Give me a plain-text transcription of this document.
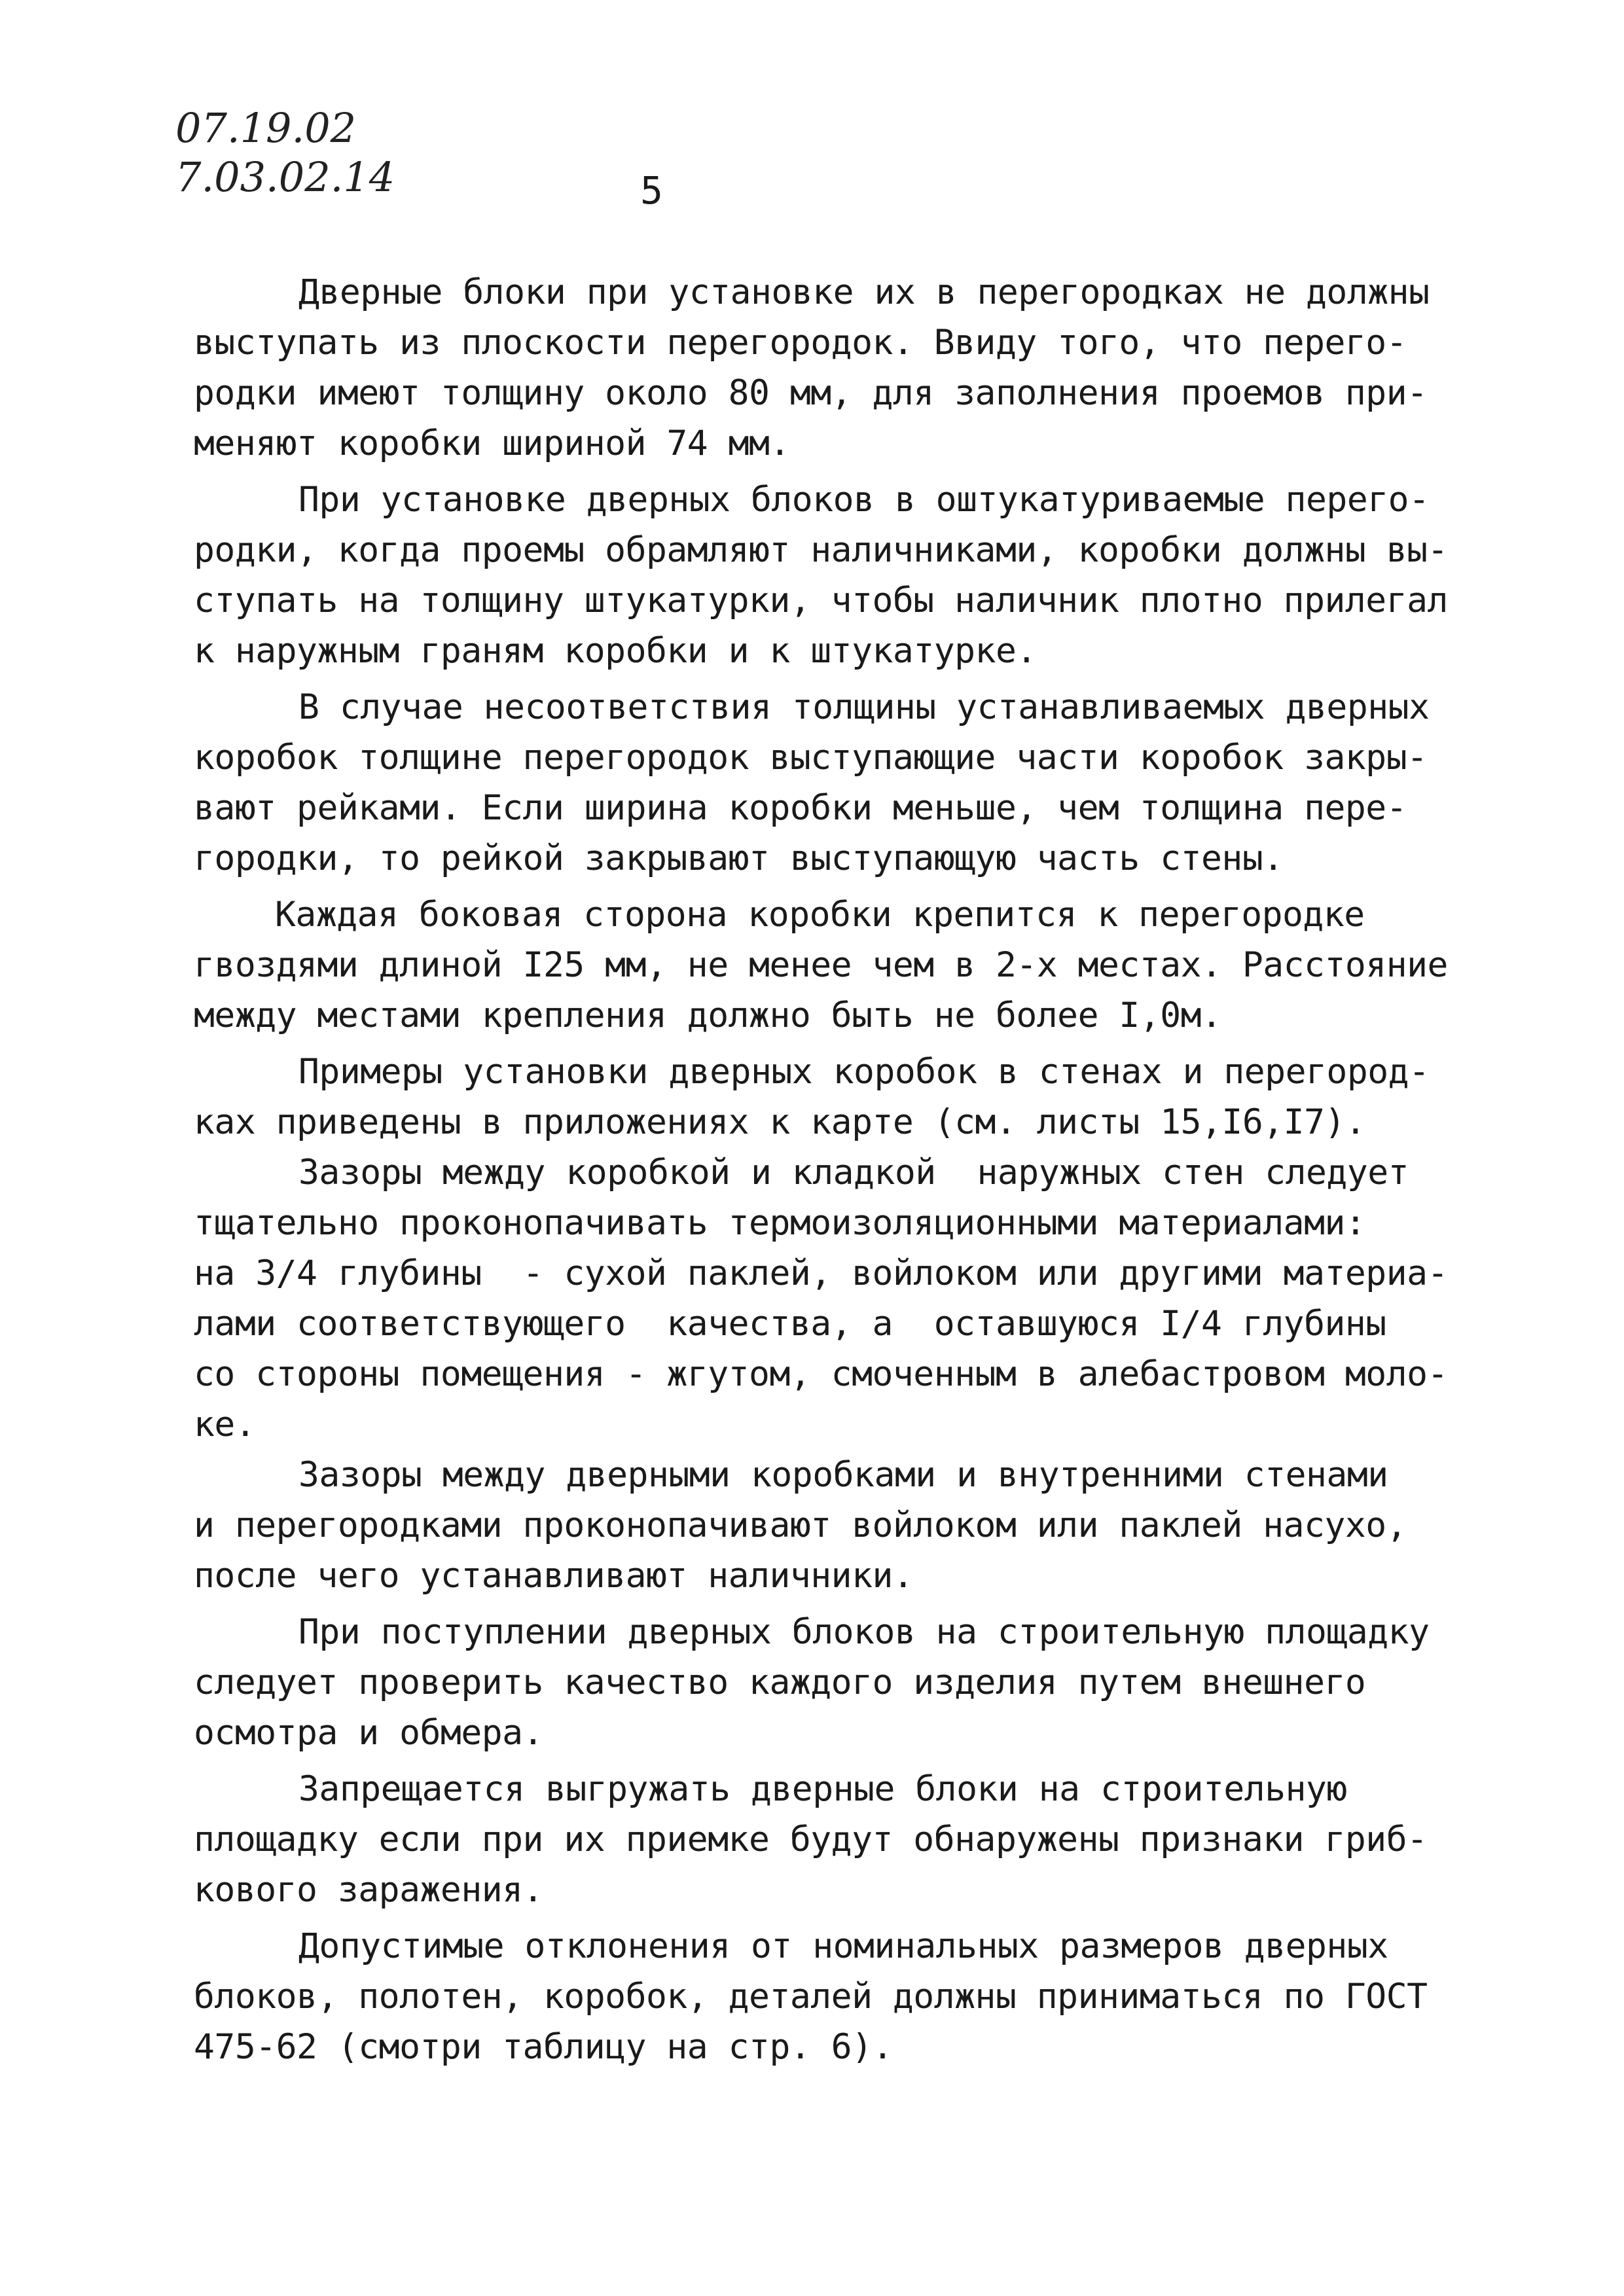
07.19.02
7.03.02.14	5
Дверные блоки при установке их в перегородках не должны
выступать из плоскости перегородок. Ввиду того, что перего-
родки имеют толщину около 80 мм, для заполнения проемов при-
меняют коробки шириной 74 мм.
При установке дверных блоков в оштукатуриваемые перего-
родки, когда проемы обрамляют наличниками, коробки должны вы-
ступать на толщину штукатурки, чтобы наличник плотно прилегал
к наружным граням коробки и к штукатурке.
В случае несоответствия толщины устанавливаемых дверных
коробок толщине перегородок выступающие части коробок закры-
вают рейками. Если ширина коробки меньше, чем толщина пере-
городки, то рейкой закрывают выступающую часть стены.
Каждая боковая сторона коробки крепится к перегородке
гвоздями длиной I25 мм, не менее чем в 2-х местах. Расстояние
между местами крепления должно быть не более I,0м.
Примеры установки дверных коробок в стенах и перегород-
ках приведены в приложениях к карте (см. листы 15,I6,I7).
Зазоры между коробкой и кладкой  наружных стен следует
тщательно проконопачивать термоизоляционными материалами:
на 3/4 глубины  - сухой паклей, войлоком или другими материа-
лами соответствующего  качества, а  оставшуюся I/4 глубины
со стороны помещения - жгутом, смоченным в алебастровом моло-
ке.
Зазоры между дверными коробками и внутренними стенами
и перегородками проконопачивают войлоком или паклей насухо,
после чего устанавливают наличники.
При поступлении дверных блоков на строительную площадку
следует проверить качество каждого изделия путем внешнего
осмотра и обмера.
Запрещается выгружать дверные блоки на строительную
площадку если при их приемке будут обнаружены признаки гриб-
кового заражения.
Допустимые отклонения от номинальных размеров дверных
блоков, полотен, коробок, деталей должны приниматься по ГОСТ
475-62 (смотри таблицу на стр. 6).
